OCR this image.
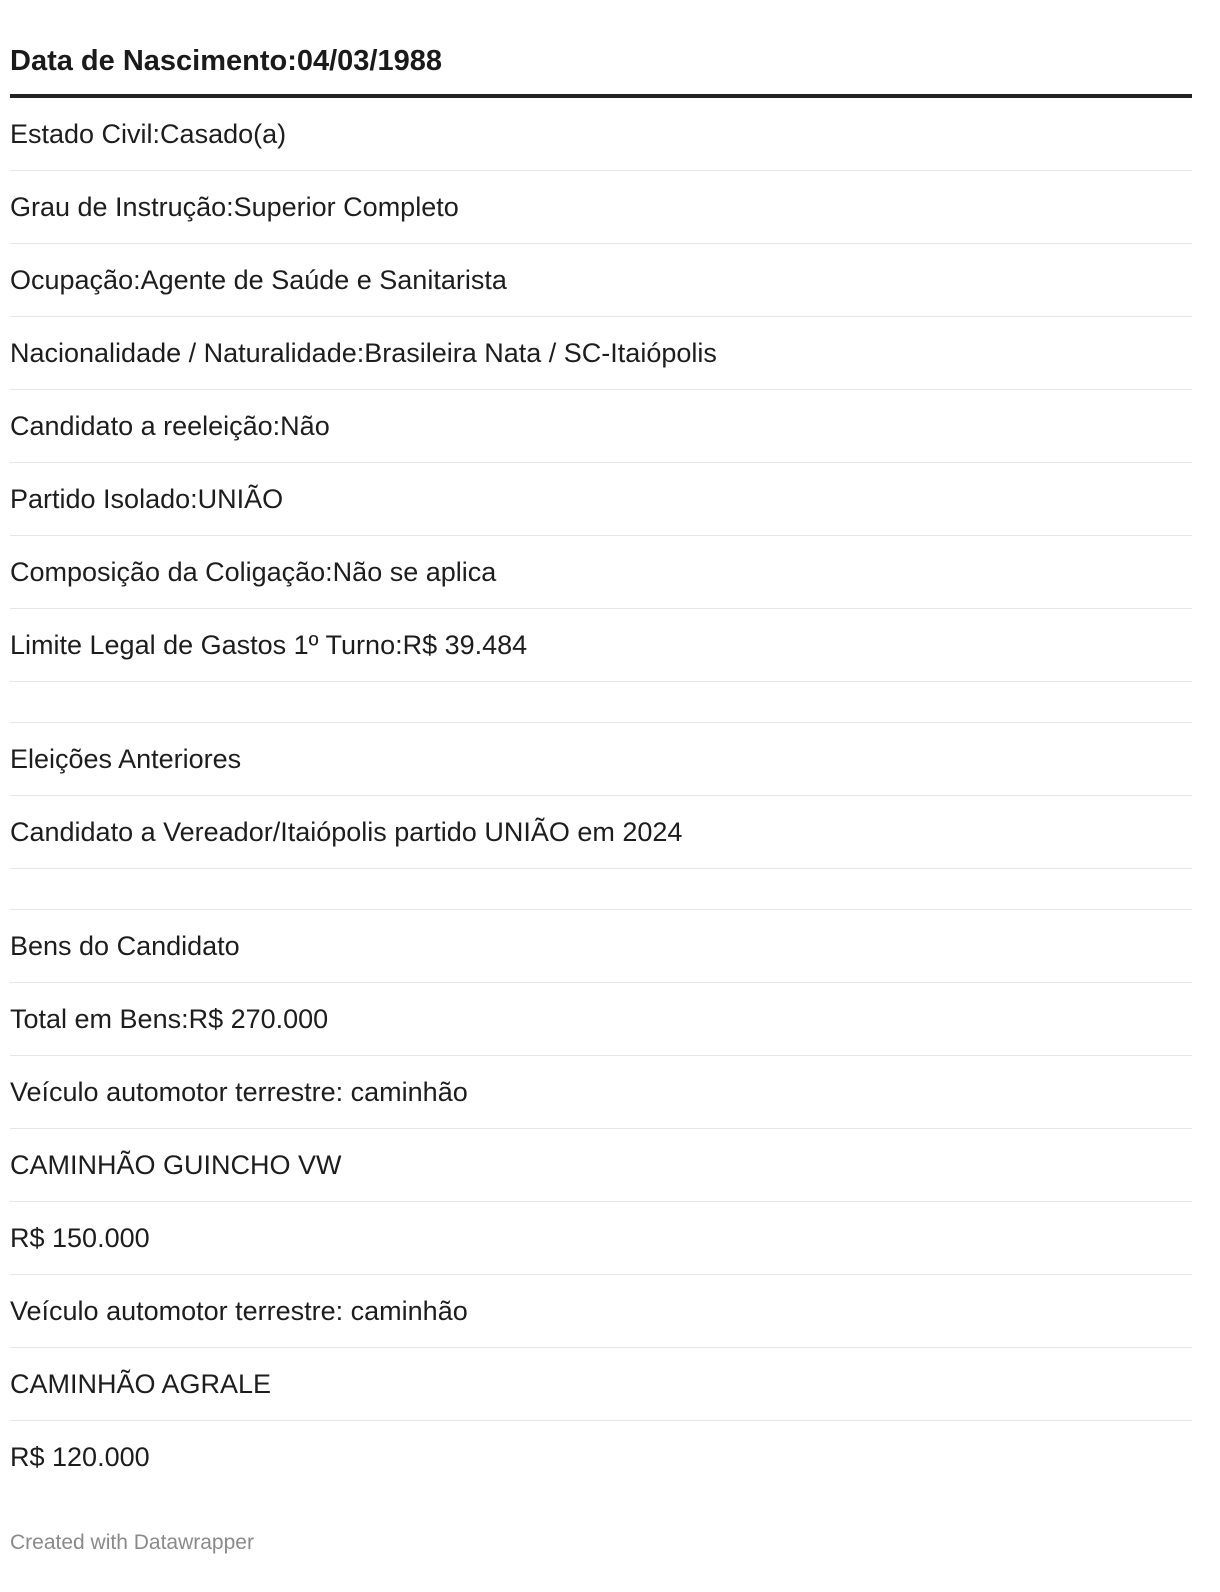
Data de Nascimento:04/03/1988
Estado Civil:Casado(a)
Grau de Instrução:Superior Completo
Ocupação:Agente de Saúde e Sanitarista
Nacionalidade / Naturalidade:Brasileira Nata / SC-Itaiópolis
Candidato a reeleição:Não
Partido Isolado:UNIÃO
Composição da Coligação:Não se aplica
Limite Legal de Gastos 1º Turno:R$ 39.484
Eleições Anteriores
Candidato a Vereador/Itaiópolis partido UNIÃO em 2024
Bens do Candidato
Total em Bens:R$ 270.000
Veículo automotor terrestre: caminhão
CAMINHÃO GUINCHO VW
R$ 150.000
Veículo automotor terrestre: caminhão
CAMINHÃO AGRALE
R$ 120.000
Created with Datawrapper
